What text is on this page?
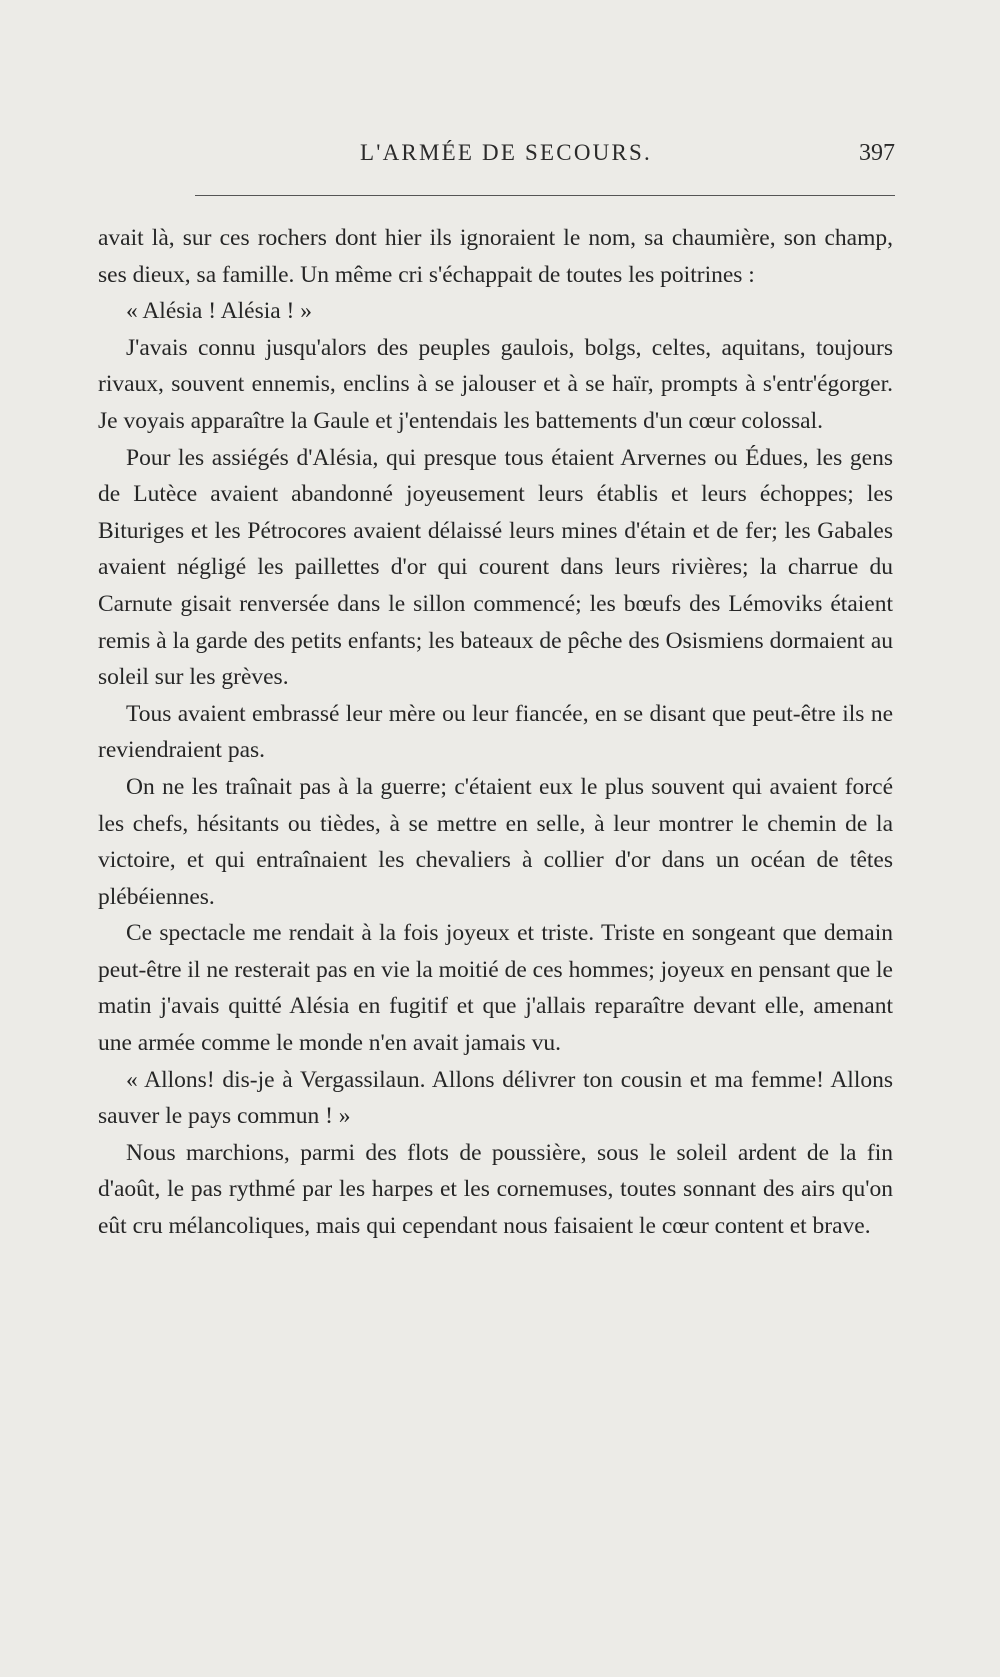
L'ARMÉE DE SECOURS.	397

avait là, sur ces rochers dont hier ils ignoraient le nom, sa chaumière, son champ, ses dieux, sa famille. Un même cri s'échappait de toutes les poitrines :

« Alésia ! Alésia ! »

J'avais connu jusqu'alors des peuples gaulois, bolgs, celtes, aquitans, toujours rivaux, souvent ennemis, enclins à se jalouser et à se haïr, prompts à s'entr'égorger. Je voyais apparaître la Gaule et j'entendais les battements d'un cœur colossal.

Pour les assiégés d'Alésia, qui presque tous étaient Arvernes ou Édues, les gens de Lutèce avaient abandonné joyeusement leurs établis et leurs échoppes; les Bituriges et les Pétrocores avaient délaissé leurs mines d'étain et de fer; les Gabales avaient négligé les paillettes d'or qui courent dans leurs rivières; la charrue du Carnute gisait renversée dans le sillon commencé; les bœufs des Lémoviks étaient remis à la garde des petits enfants; les bateaux de pêche des Osismiens dormaient au soleil sur les grèves.

Tous avaient embrassé leur mère ou leur fiancée, en se disant que peut-être ils ne reviendraient pas.

On ne les traînait pas à la guerre; c'étaient eux le plus souvent qui avaient forcé les chefs, hésitants ou tièdes, à se mettre en selle, à leur montrer le chemin de la victoire, et qui entraînaient les chevaliers à collier d'or dans un océan de têtes plébéiennes.

Ce spectacle me rendait à la fois joyeux et triste. Triste en songeant que demain peut-être il ne resterait pas en vie la moitié de ces hommes; joyeux en pensant que le matin j'avais quitté Alésia en fugitif et que j'allais reparaître devant elle, amenant une armée comme le monde n'en avait jamais vu.

« Allons! dis-je à Vergassilaun. Allons délivrer ton cousin et ma femme! Allons sauver le pays commun ! »

Nous marchions, parmi des flots de poussière, sous le soleil ardent de la fin d'août, le pas rythmé par les harpes et les cornemuses, toutes sonnant des airs qu'on eût cru mélancoliques, mais qui cependant nous faisaient le cœur content et brave.
